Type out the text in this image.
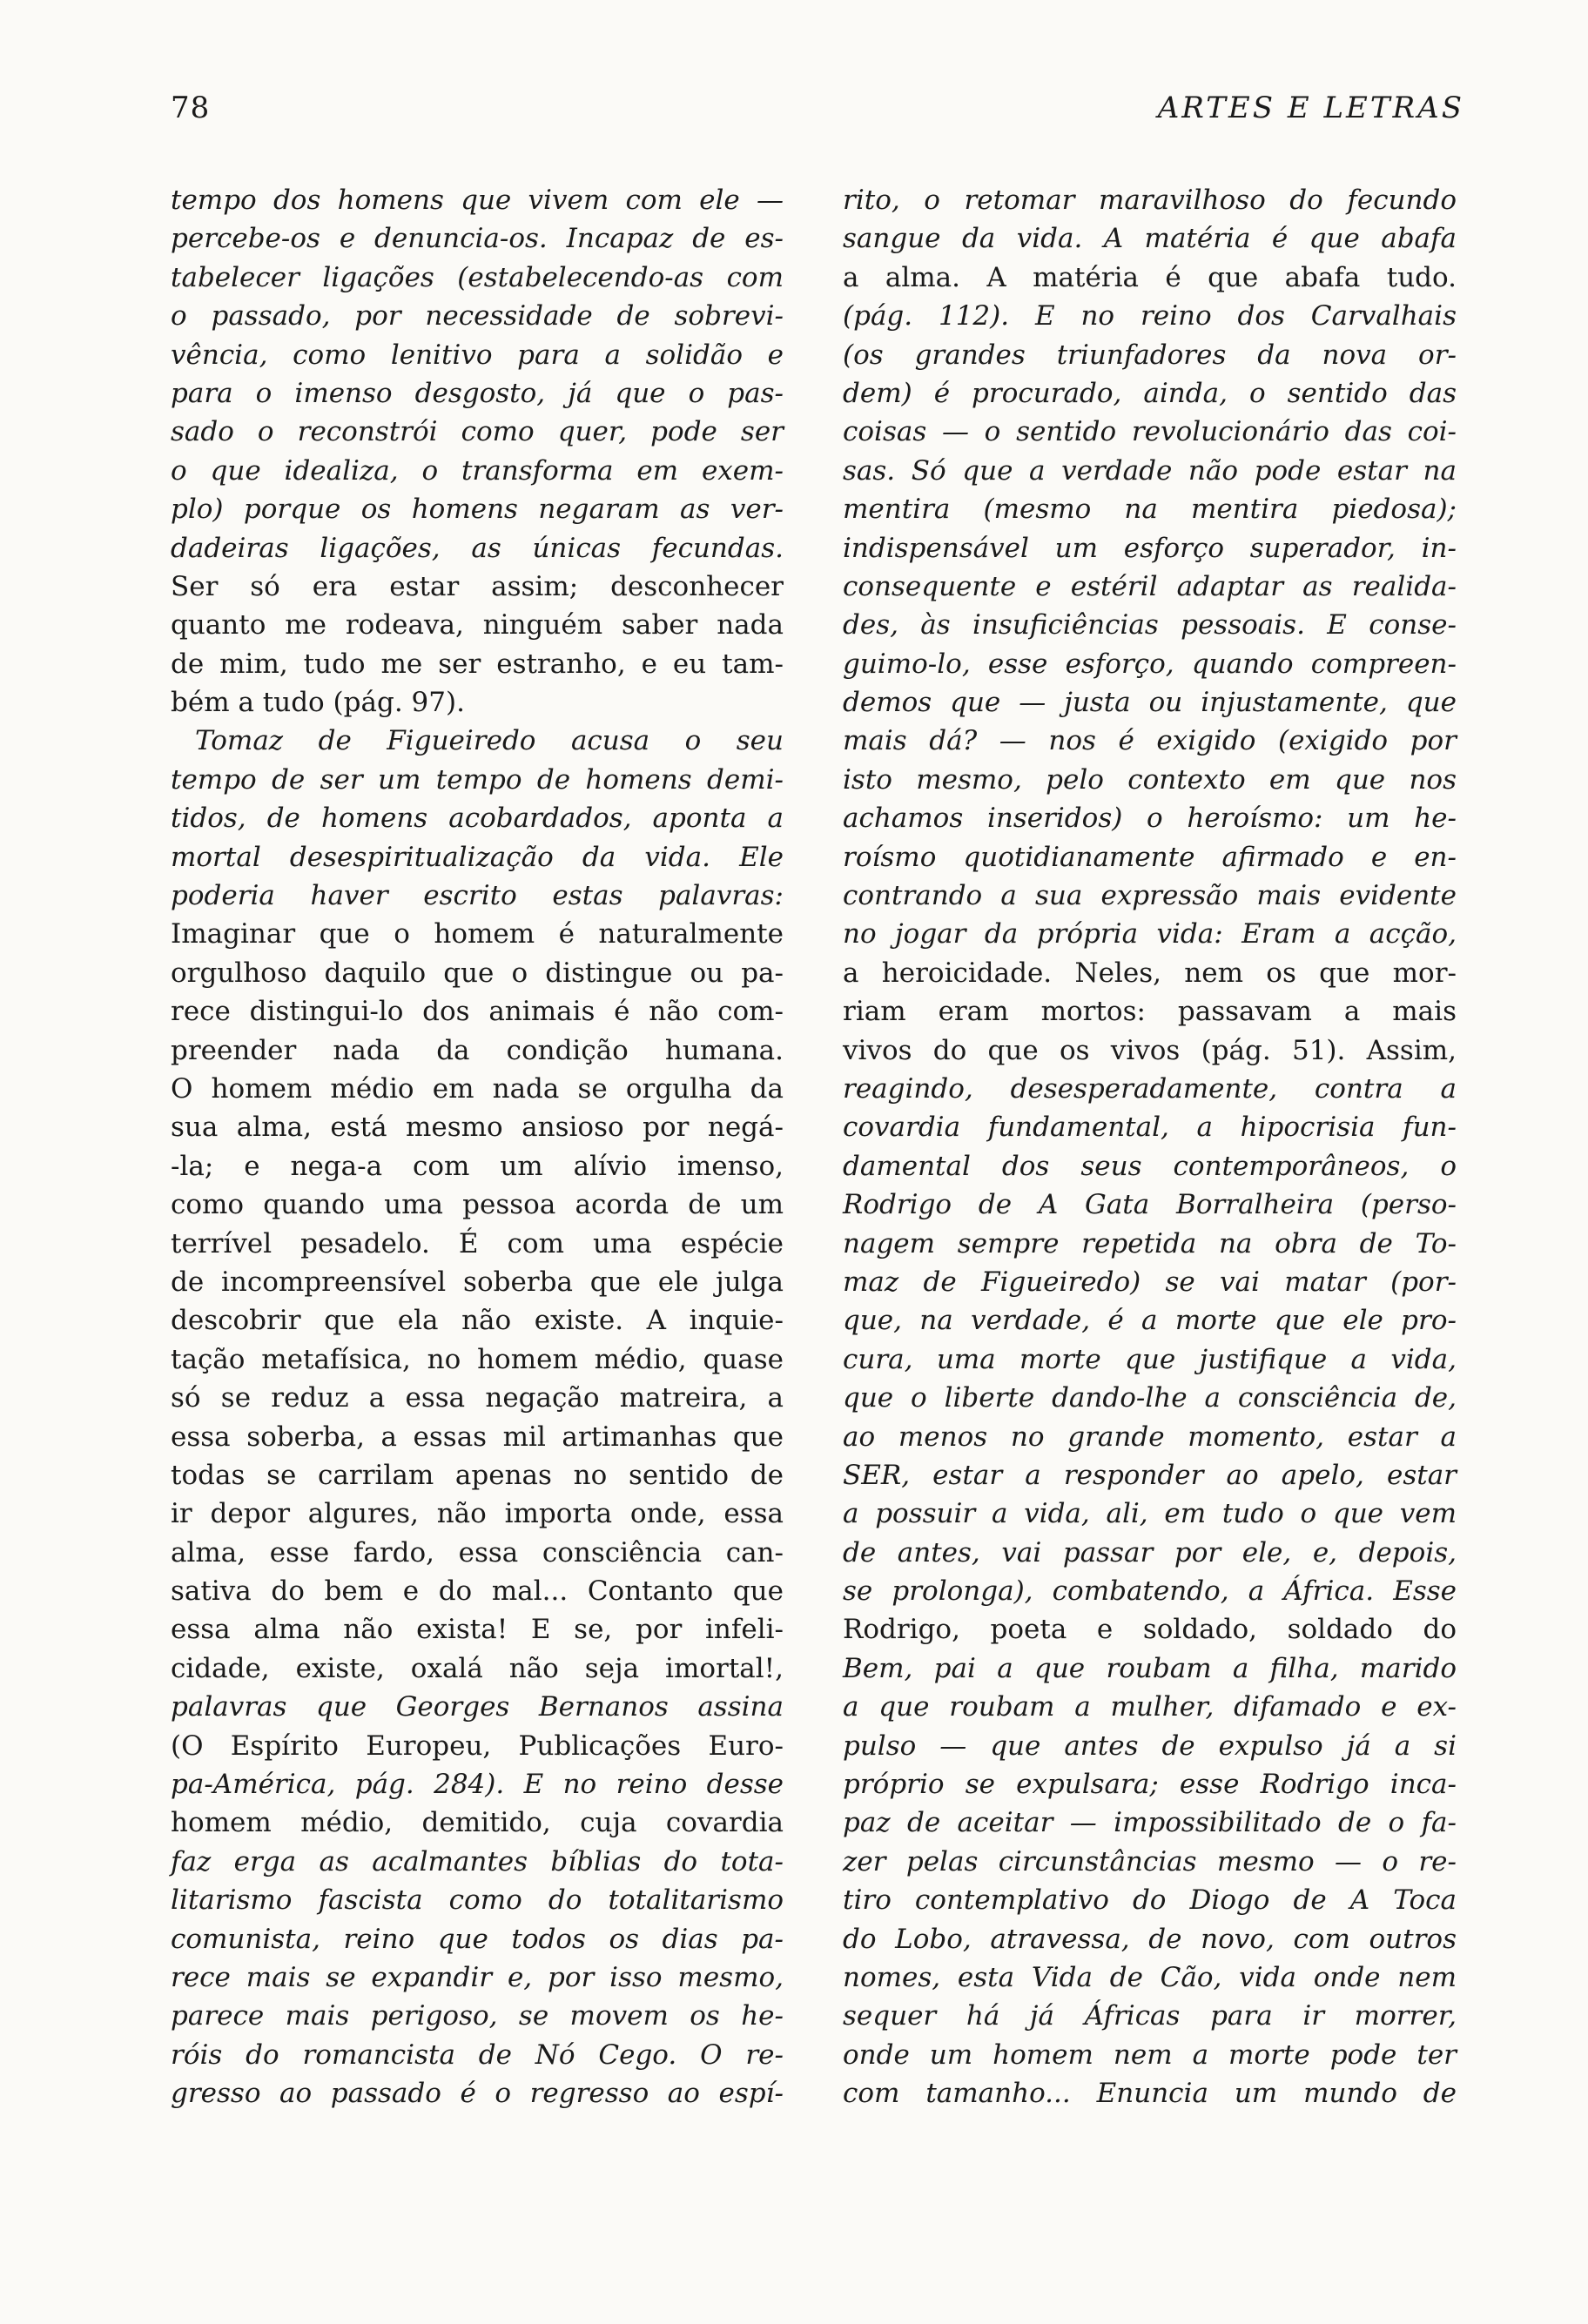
78	ARTES E LETRAS
tempo dos homens que vivem com ele —
percebe-os e denuncia-os. Incapaz de es-
tabelecer ligações (estabelecendo-as com
o passado, por necessidade de sobrevi-
vência, como lenitivo para a solidão e
para o imenso desgosto, já que o pas-
sado o reconstrói como quer, pode ser
o que idealiza, o transforma em exem-
plo) porque os homens negaram as ver-
dadeiras ligações, as únicas fecundas.
Ser só era estar assim; desconhecer
quanto me rodeava, ninguém saber nada
de mim, tudo me ser estranho, e eu tam-
bém a tudo (pág. 97).
Tomaz de Figueiredo acusa o seu
tempo de ser um tempo de homens demi-
tidos, de homens acobardados, aponta a
mortal desespiritualização da vida. Ele
poderia haver escrito estas palavras:
Imaginar que o homem é naturalmente
orgulhoso daquilo que o distingue ou pa-
rece distingui-lo dos animais é não com-
preender nada da condição humana.
O homem médio em nada se orgulha da
sua alma, está mesmo ansioso por negá-
-la; e nega-a com um alívio imenso,
como quando uma pessoa acorda de um
terrível pesadelo. É com uma espécie
de incompreensível soberba que ele julga
descobrir que ela não existe. A inquie-
tação metafísica, no homem médio, quase
só se reduz a essa negação matreira, a
essa soberba, a essas mil artimanhas que
todas se carrilam apenas no sentido de
ir depor algures, não importa onde, essa
alma, esse fardo, essa consciência can-
sativa do bem e do mal... Contanto que
essa alma não exista! E se, por infeli-
cidade, existe, oxalá não seja imortal!,
palavras que Georges Bernanos assina
(O Espírito Europeu, Publicações Euro-
pa-América, pág. 284). E no reino desse
homem médio, demitido, cuja covardia
faz erga as acalmantes bíblias do tota-
litarismo fascista como do totalitarismo
comunista, reino que todos os dias pa-
rece mais se expandir e, por isso mesmo,
parece mais perigoso, se movem os he-
róis do romancista de Nó Cego. O re-
gresso ao passado é o regresso ao espí-
rito, o retomar maravilhoso do fecundo
sangue da vida. A matéria é que abafa
a alma. A matéria é que abafa tudo.
(pág. 112). E no reino dos Carvalhais
(os grandes triunfadores da nova or-
dem) é procurado, ainda, o sentido das
coisas — o sentido revolucionário das coi-
sas. Só que a verdade não pode estar na
mentira (mesmo na mentira piedosa);
indispensável um esforço superador, in-
consequente e estéril adaptar as realida-
des, às insuficiências pessoais. E conse-
guimo-lo, esse esforço, quando compreen-
demos que — justa ou injustamente, que
mais dá? — nos é exigido (exigido por
isto mesmo, pelo contexto em que nos
achamos inseridos) o heroísmo: um he-
roísmo quotidianamente afirmado e en-
contrando a sua expressão mais evidente
no jogar da própria vida: Eram a acção,
a heroicidade. Neles, nem os que mor-
riam eram mortos: passavam a mais
vivos do que os vivos (pág. 51). Assim,
reagindo, desesperadamente, contra a
covardia fundamental, a hipocrisia fun-
damental dos seus contemporâneos, o
Rodrigo de A Gata Borralheira (perso-
nagem sempre repetida na obra de To-
maz de Figueiredo) se vai matar (por-
que, na verdade, é a morte que ele pro-
cura, uma morte que justifique a vida,
que o liberte dando-lhe a consciência de,
ao menos no grande momento, estar a
SER, estar a responder ao apelo, estar
a possuir a vida, ali, em tudo o que vem
de antes, vai passar por ele, e, depois,
se prolonga), combatendo, a África. Esse
Rodrigo, poeta e soldado, soldado do
Bem, pai a que roubam a filha, marido
a que roubam a mulher, difamado e ex-
pulso — que antes de expulso já a si
próprio se expulsara; esse Rodrigo inca-
paz de aceitar — impossibilitado de o fa-
zer pelas circunstâncias mesmo — o re-
tiro contemplativo do Diogo de A Toca
do Lobo, atravessa, de novo, com outros
nomes, esta Vida de Cão, vida onde nem
sequer há já Áfricas para ir morrer,
onde um homem nem a morte pode ter
com tamanho... Enuncia um mundo de
